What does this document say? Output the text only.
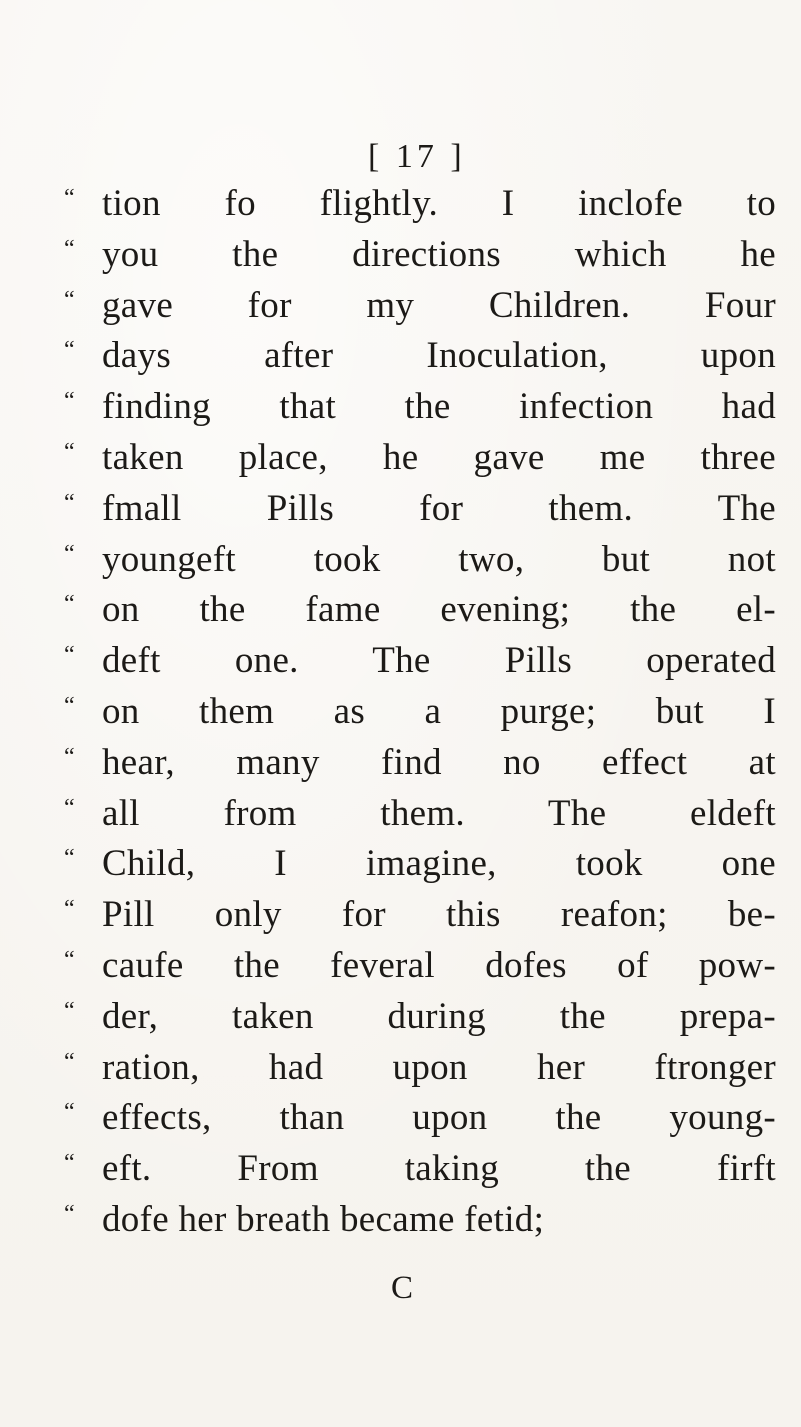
[ 17 ]
“ tion fo flightly. I inclofe to
“ you the directions which he
“ gave for my Children. Four
“ days after Inoculation, upon
“ finding that the infection had
“ taken place, he gave me three
“ fmall Pills for them. The
“ youngeft took two, but not
“ on the fame evening; the el-
“ deft one. The Pills operated
“ on them as a purge; but I
“ hear, many find no effect at
“ all from them. The eldeft
“ Child, I imagine, took one
“ Pill only for this reafon; be-
“ caufe the feveral dofes of pow-
“ der, taken during the prepa-
“ ration, had upon her ftronger
“ effects, than upon the young-
“ eft. From taking the firft
“ dofe her breath became fetid;
C
